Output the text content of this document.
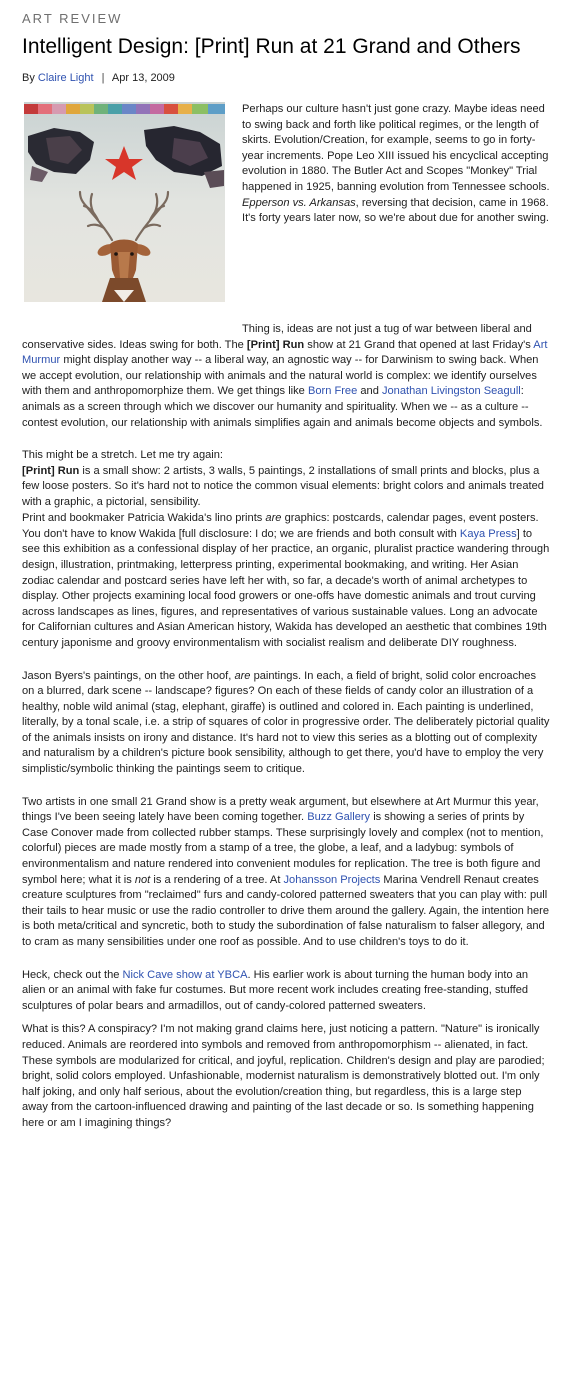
ART REVIEW
Intelligent Design: [Print] Run at 21 Grand and Others
By Claire Light | Apr 13, 2009

Perhaps our culture hasn't just gone crazy. Maybe ideas need to swing back and forth like political regimes, or the length of skirts. Evolution/Creation, for example, seems to go in forty-year increments. Pope Leo XIII issued his encyclical accepting evolution in 1880. The Butler Act and Scopes "Monkey" Trial happened in 1925, banning evolution from Tennessee schools. Epperson vs. Arkansas, reversing that decision, came in 1968. It's forty years later now, so we're about due for another swing.

Thing is, ideas are not just a tug of war between liberal and conservative sides. Ideas swing for both. The [Print] Run show at 21 Grand that opened at last Friday's Art Murmur might display another way -- a liberal way, an agnostic way -- for Darwinism to swing back. When we accept evolution, our relationship with animals and the natural world is complex: we identify ourselves with them and anthropomorphize them. We get things like Born Free and Jonathan Livingston Seagull: animals as a screen through which we discover our humanity and spirituality. When we -- as a culture -- contest evolution, our relationship with animals simplifies again and animals become objects and symbols.

This might be a stretch. Let me try again:
[Print] Run is a small show: 2 artists, 3 walls, 5 paintings, 2 installations of small prints and blocks, plus a few loose posters. So it's hard not to notice the common visual elements: bright colors and animals treated with a graphic, a pictorial, sensibility.

Print and bookmaker Patricia Wakida's lino prints are graphics: postcards, calendar pages, event posters. You don't have to know Wakida [full disclosure: I do; we are friends and both consult with Kaya Press] to see this exhibition as a confessional display of her practice, an organic, pluralist practice wandering through design, illustration, printmaking, letterpress printing, experimental bookmaking, and writing. Her Asian zodiac calendar and postcard series have left her with, so far, a decade's worth of animal archetypes to display. Other projects examining local food growers or one-offs have domestic animals and trout curving across landscapes as lines, figures, and representatives of various sustainable values. Long an advocate for Californian cultures and Asian American history, Wakida has developed an aesthetic that combines 19th century japonisme and groovy environmentalism with socialist realism and deliberate DIY roughness.

Jason Byers's paintings, on the other hoof, are paintings. In each, a field of bright, solid color encroaches on a blurred, dark scene -- landscape? figures? On each of these fields of candy color an illustration of a healthy, noble wild animal (stag, elephant, giraffe) is outlined and colored in. Each painting is underlined, literally, by a tonal scale, i.e. a strip of squares of color in progressive order. The deliberately pictorial quality of the animals insists on irony and distance. It's hard not to view this series as a blotting out of complexity and naturalism by a children's picture book sensibility, although to get there, you'd have to employ the very simplistic/symbolic thinking the paintings seem to critique.

Two artists in one small 21 Grand show is a pretty weak argument, but elsewhere at Art Murmur this year, things I've been seeing lately have been coming together. Buzz Gallery is showing a series of prints by Case Conover made from collected rubber stamps. These surprisingly lovely and complex (not to mention, colorful) pieces are made mostly from a stamp of a tree, the globe, a leaf, and a ladybug: symbols of environmentalism and nature rendered into convenient modules for replication. The tree is both figure and symbol here; what it is not is a rendering of a tree. At Johansson Projects Marina Vendrell Renaut creates creature sculptures from "reclaimed" furs and candy-colored patterned sweaters that you can play with: pull their tails to hear music or use the radio controller to drive them around the gallery. Again, the intention here is both meta/critical and syncretic, both to study the subordination of false naturalism to falser allegory, and to cram as many sensibilities under one roof as possible. And to use children's toys to do it.

Heck, check out the Nick Cave show at YBCA. His earlier work is about turning the human body into an alien or an animal with fake fur costumes. But more recent work includes creating free-standing, stuffed sculptures of polar bears and armadillos, out of candy-colored patterned sweaters.

What is this? A conspiracy? I'm not making grand claims here, just noticing a pattern. "Nature" is ironically reduced. Animals are reordered into symbols and removed from anthropomorphism -- alienated, in fact. These symbols are modularized for critical, and joyful, replication. Children's design and play are parodied; bright, solid colors employed. Unfashionable, modernist naturalism is demonstratively blotted out. I'm only half joking, and only half serious, about the evolution/creation thing, but regardless, this is a large step away from the cartoon-influenced drawing and painting of the last decade or so. Is something happening here or am I imagining things?
